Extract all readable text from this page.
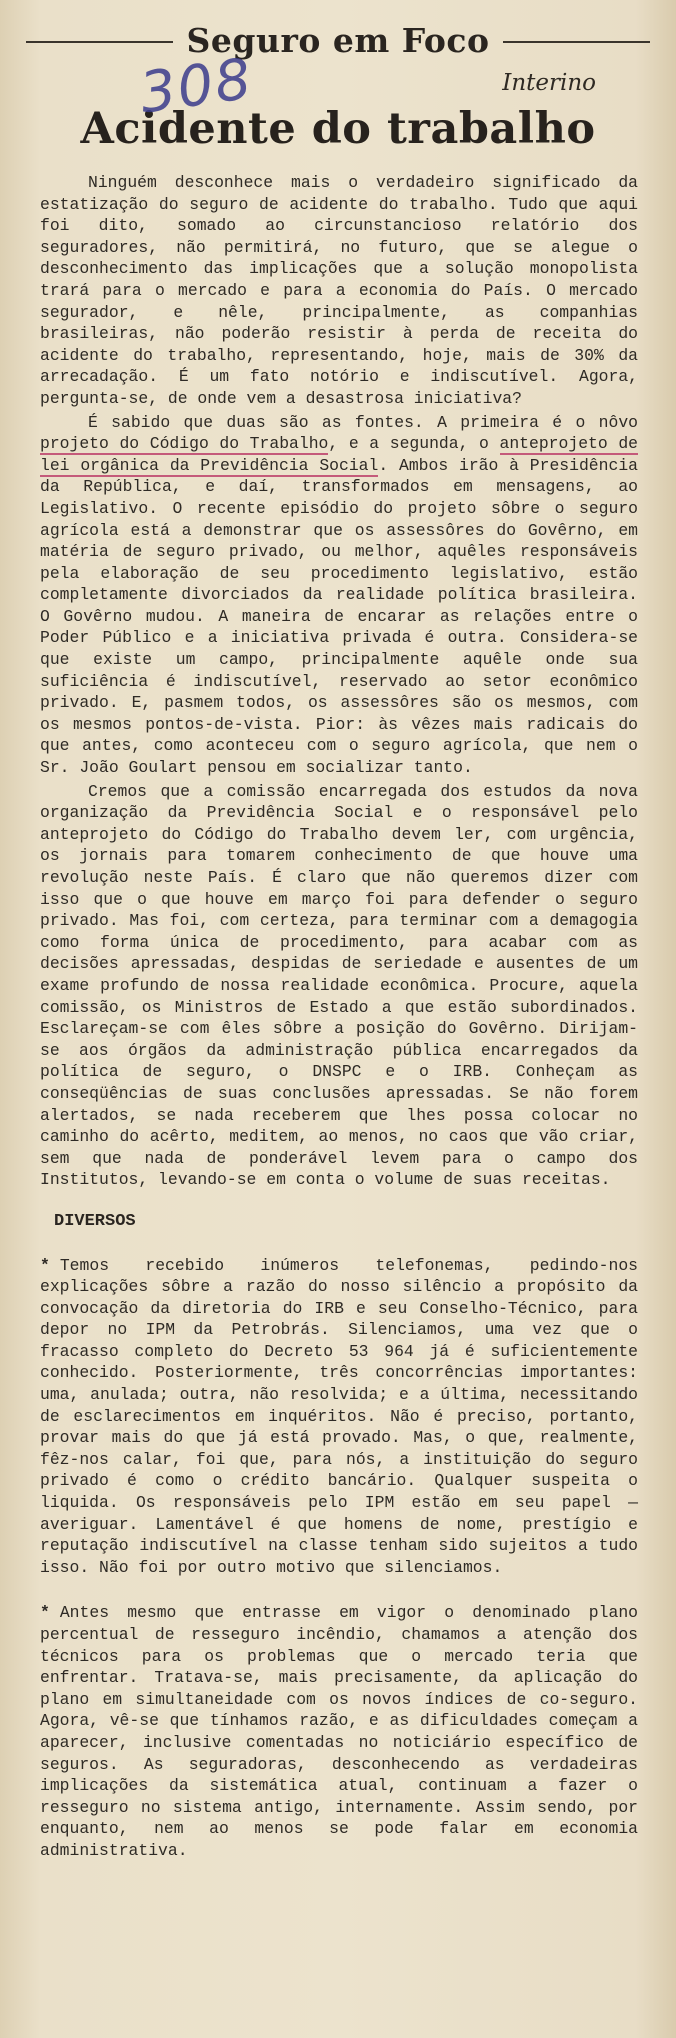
Seguro em Foco
308	Interino
Acidente do trabalho

Ninguém desconhece mais o verdadeiro significado da estatização do seguro de acidente do trabalho. Tudo que aqui foi dito, somado ao circunstancioso relatório dos seguradores, não permitirá, no futuro, que se alegue o desconhecimento das implicações que a solução monopolista trará para o mercado e para a economia do País. O mercado segurador, e nêle, principalmente, as companhias brasileiras, não poderão resistir à perda de receita do acidente do trabalho, representando, hoje, mais de 30% da arrecadação. É um fato notório e indiscutível. Agora, pergunta-se, de onde vem a desastrosa iniciativa?

É sabido que duas são as fontes. A primeira é o nôvo projeto do Código do Trabalho, e a segunda, o anteprojeto de lei orgânica da Previdência Social. Ambos irão à Presidência da República, e daí, transformados em mensagens, ao Legislativo. O recente episódio do projeto sôbre o seguro agrícola está a demonstrar que os assessôres do Govêrno, em matéria de seguro privado, ou melhor, aquêles responsáveis pela elaboração de seu procedimento legislativo, estão completamente divorciados da realidade política brasileira. O Govêrno mudou. A maneira de encarar as relações entre o Poder Público e a iniciativa privada é outra. Considera-se que existe um campo, principalmente aquêle onde sua suficiência é indiscutível, reservado ao setor econômico privado. E, pasmem todos, os assessôres são os mesmos, com os mesmos pontos-de-vista. Pior: às vêzes mais radicais do que antes, como aconteceu com o seguro agrícola, que nem o Sr. João Goulart pensou em socializar tanto.

Cremos que a comissão encarregada dos estudos da nova organização da Previdência Social e o responsável pelo anteprojeto do Código do Trabalho devem ler, com urgência, os jornais para tomarem conhecimento de que houve uma revolução neste País. É claro que não queremos dizer com isso que o que houve em março foi para defender o seguro privado. Mas foi, com certeza, para terminar com a demagogia como forma única de procedimento, para acabar com as decisões apressadas, despidas de seriedade e ausentes de um exame profundo de nossa realidade econômica. Procure, aquela comissão, os Ministros de Estado a que estão subordinados. Esclareçam-se com êles sôbre a posição do Govêrno. Dirijam-se aos órgãos da administração pública encarregados da política de seguro, o DNSPC e o IRB. Conheçam as conseqüências de suas conclusões apressadas. Se não forem alertados, se nada receberem que lhes possa colocar no caminho do acêrto, meditem, ao menos, no caos que vão criar, sem que nada de ponderável levem para o campo dos Institutos, levando-se em conta o volume de suas receitas.

DIVERSOS

* Temos recebido inúmeros telefonemas, pedindo-nos explicações sôbre a razão do nosso silêncio a propósito da convocação da diretoria do IRB e seu Conselho-Técnico, para depor no IPM da Petrobrás. Silenciamos, uma vez que o fracasso completo do Decreto 53 964 já é suficientemente conhecido. Posteriormente, três concorrências importantes: uma, anulada; outra, não resolvida; e a última, necessitando de esclarecimentos em inquéritos. Não é preciso, portanto, provar mais do que já está provado. Mas, o que, realmente, fêz-nos calar, foi que, para nós, a instituição do seguro privado é como o crédito bancário. Qualquer suspeita o liquida. Os responsáveis pelo IPM estão em seu papel — averiguar. Lamentável é que homens de nome, prestígio e reputação indiscutível na classe tenham sido sujeitos a tudo isso. Não foi por outro motivo que silenciamos.

* Antes mesmo que entrasse em vigor o denominado plano percentual de resseguro incêndio, chamamos a atenção dos técnicos para os problemas que o mercado teria que enfrentar. Tratava-se, mais precisamente, da aplicação do plano em simultaneidade com os novos índices de co-seguro. Agora, vê-se que tínhamos razão, e as dificuldades começam a aparecer, inclusive comentadas no noticiário específico de seguros. As seguradoras, desconhecendo as verdadeiras implicações da sistemática atual, continuam a fazer o resseguro no sistema antigo, internamente. Assim sendo, por enquanto, nem ao menos se pode falar em economia administrativa.
